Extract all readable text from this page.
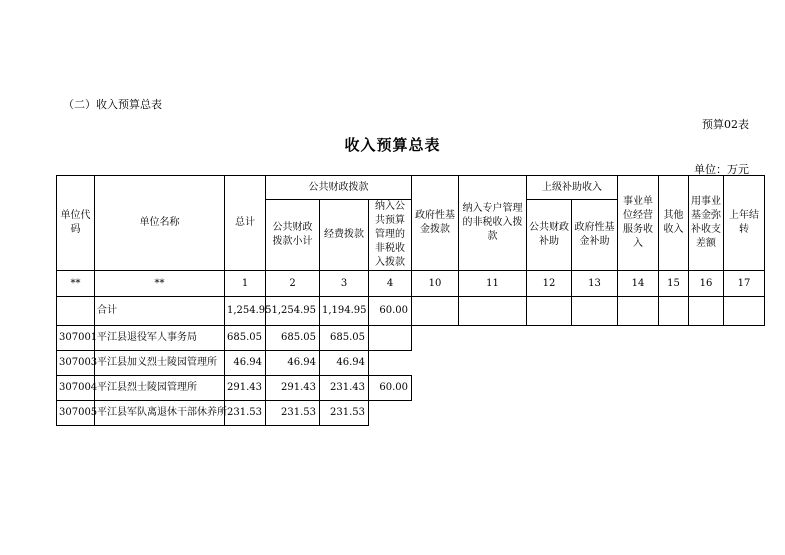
（二）收入预算总表
预算02表
收入预算总表
单位：万元
单位代码	单位名称	总计	公共财政拨款			政府性基金拨款	纳入专户管理的非税收入拨款	上级补助收入		事业单位经营服务收入	其他收入	用事业基金弥补收支差额	上年结转
			公共财政拨款小计	经费拨款	纳入公共预算管理的非税收入拨款								
								公共财政补助	政府性基金补助				
**	**	1	2	3	4	10	11	12	13	14	15	16	17
	合计	1,254.95	1,254.95	1,194.95	60.00								
307001	平江县退役军人事务局	685.05	685.05	685.05									
307003	平江县加义烈士陵园管理所	46.94	46.94	46.94									
307004	平江县烈士陵园管理所	291.43	291.43	231.43	60.00								
307005	平江县军队离退休干部休养所	231.53	231.53	231.53									
